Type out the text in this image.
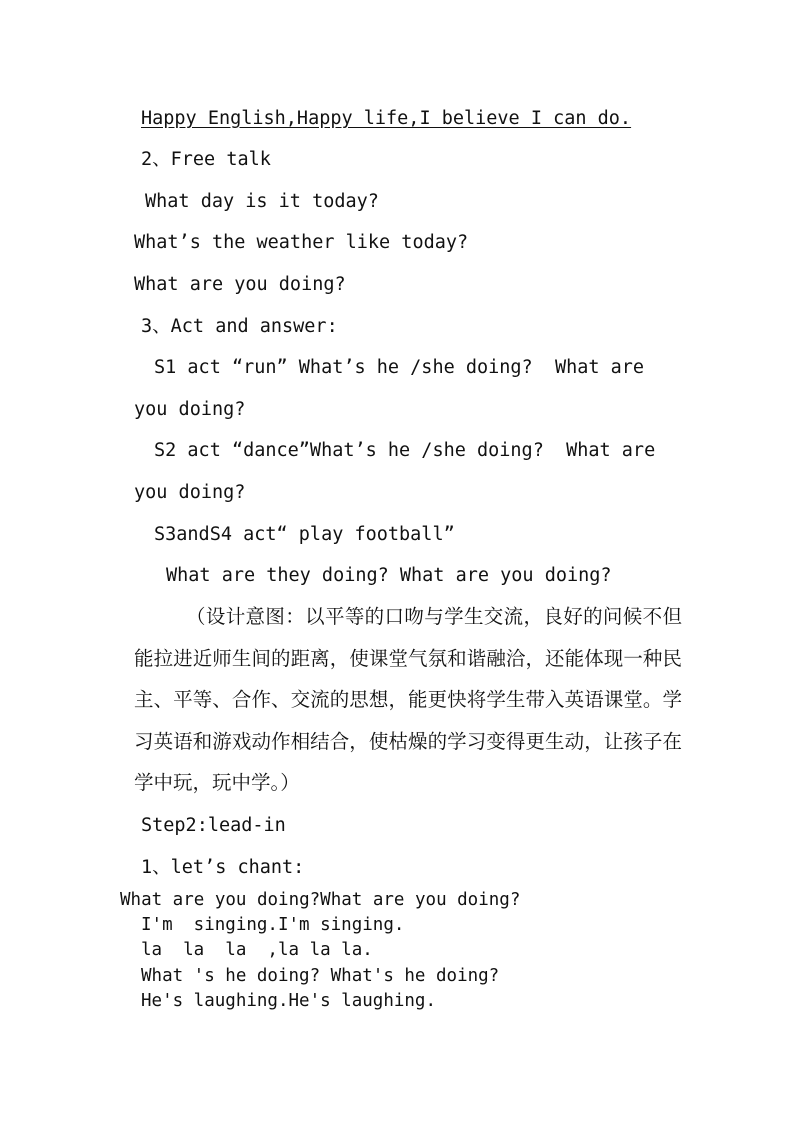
Happy English,Happy life,I believe I can do.
2、Free talk
What day is it today?
What’s the weather like today?
What are you doing?
3、Act and answer:
S1 act “run” What’s he /she doing?  What are
you doing?
S2 act “dance”What’s he /she doing?  What are
you doing?
S3andS4 act“ play football”
What are they doing? What are you doing?
（设计意图：以平等的口吻与学生交流，良好的问候不但能拉进近师生间的距离，使课堂气氛和谐融洽，还能体现一种民主、平等、合作、交流的思想，能更快将学生带入英语课堂。学习英语和游戏动作相结合，使枯燥的学习变得更生动，让孩子在学中玩，玩中学。）
Step2:lead-in
1、let’s chant:
What are you doing?What are you doing?
I'm  singing.I'm singing.
la  la  la  ,la la la.
What 's he doing? What's he doing?
He's laughing.He's laughing.
